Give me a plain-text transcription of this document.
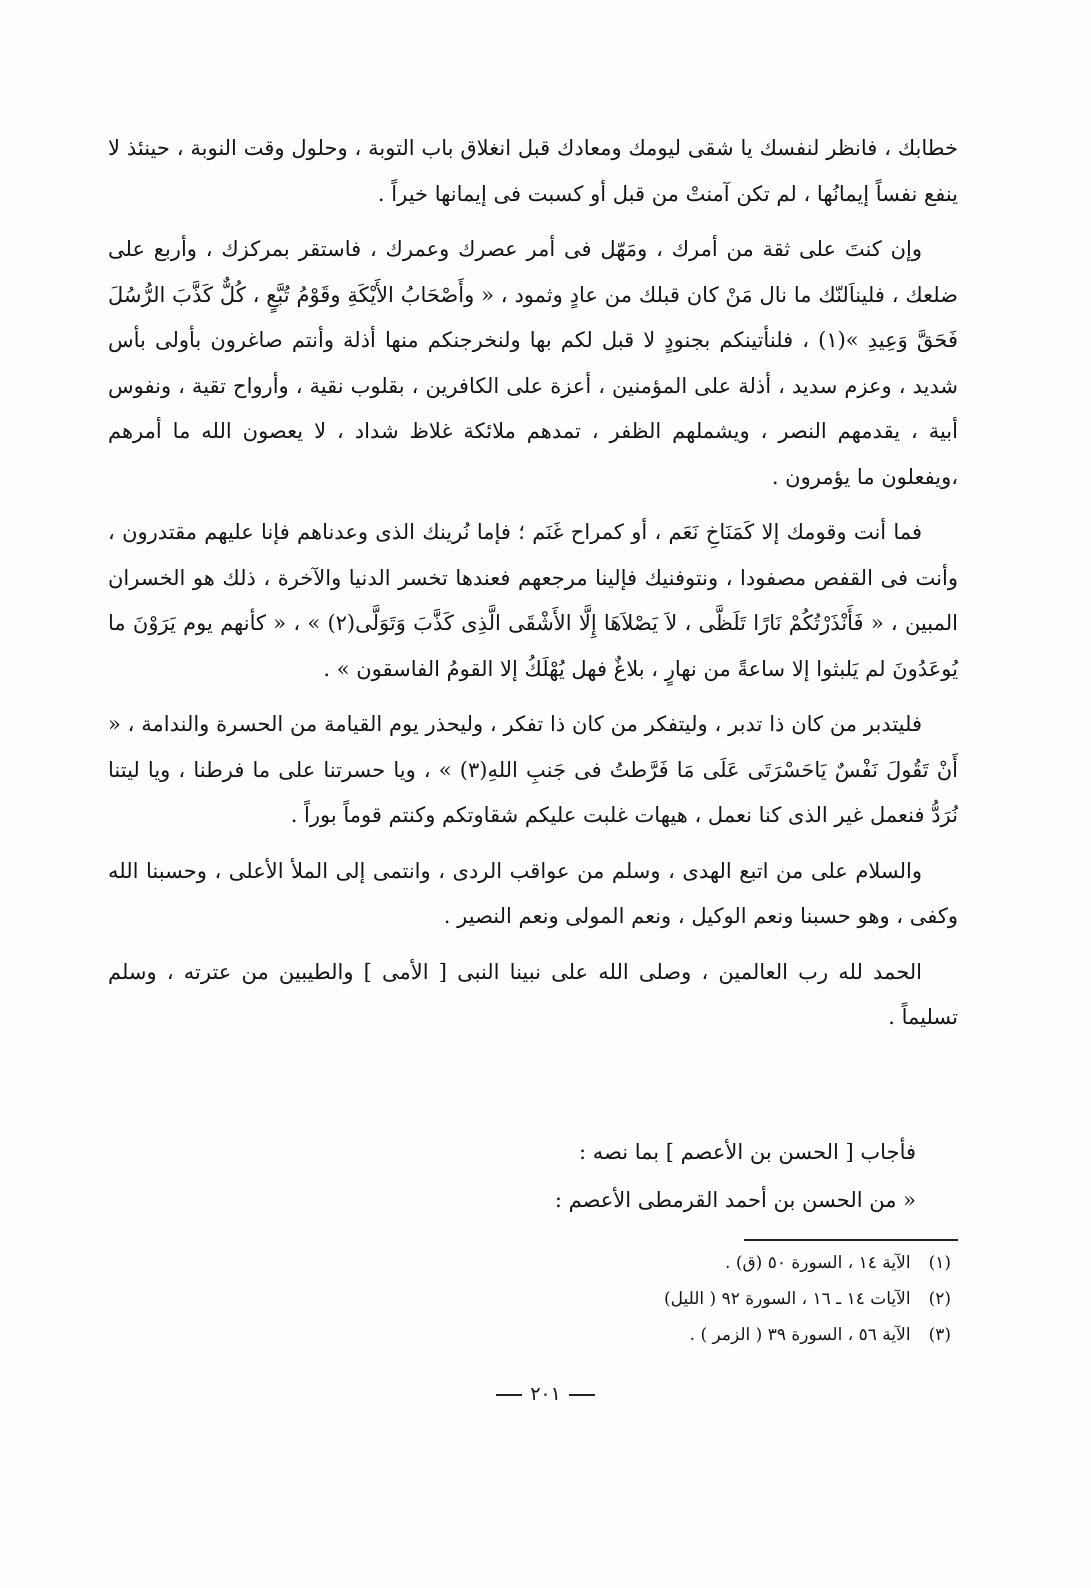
خطابك ، فانظر لنفسك يا شقى ليومك ومعادك قبل انغلاق باب التوبة ، وحلول وقت النوبة ، حينئذ لا ينفع نفساً إيمانُها ، لم تكن آمنتْ من قبل أو كسبت فى إيمانها خيراً .

وإن كنتَ على ثقة من أمرك ، ومَهّل فى أمر عصرك وعمرك ، فاستقر بمركزك ، وأربع على ضلعك ، فليناَلنّك ما نال مَنْ كان قبلك من عادٍ وثمود ، « وأَصْحَابُ الأَيْكَةِ وقَوْمُ تُبَّعٍ ، كُلٌّ كَذَّبَ الرُّسُلَ فَحَقَّ وَعِيدِ »(١) ، فلنأتينكم بجنودٍ لا قبل لكم بها ولنخرجنكم منها أذلة وأنتم صاغرون بأولى بأس شديد ، وعزم سديد ، أذلة على المؤمنين ، أعزة على الكافرين ، بقلوب نقية ، وأرواح تقية ، ونفوس أبية ، يقدمهم النصر ، ويشملهم الظفر ، تمدهم ملائكة غلاظ شداد ، لا يعصون الله ما أمرهم ،ويفعلون ما يؤمرون .

فما أنت وقومك إلا كَمَنَاخِ نَعَم ، أو كمراح غَنَم ؛ فإما نُرينك الذى وعدناهم فإنا عليهم مقتدرون ، وأنت فى القفص مصفودا ، ونتوفنيك فإلينا مرجعهم فعندها تخسر الدنيا والآخرة ، ذلك هو الخسران المبين ، « فَأَنْذَرْتُكُمْ نَارًا تَلَظَّى ، لاَ يَصْلاَهَا إِلَّا الأَشْقَى الَّذِى كَذَّبَ وَتَوَلَّى(٢) » ، « كأنهم يوم يَرَوْنَ ما يُوعَدُونَ لم يَلبثوا إلا ساعةً من نهارٍ ، بلاغٌ فهل يُهْلَكُ إلا القومُ الفاسقون » .

فليتدبر من كان ذا تدبر ، وليتفكر من كان ذا تفكر ، وليحذر يوم القيامة من الحسرة والندامة ، « أَنْ تَقُولَ نَفْسٌ يَاحَسْرَتَى عَلَى مَا فَرَّطتُ فى جَنبِ اللهِ(٣) » ، ويا حسرتنا على ما فرطنا ، ويا ليتنا نُرَدُّ فنعمل غير الذى كنا نعمل ، هيهات غلبت عليكم شقاوتكم وكنتم قوماً بوراً .

والسلام على من اتبع الهدى ، وسلم من عواقب الردى ، وانتمى إلى الملأ الأعلى ، وحسبنا الله وكفى ، وهو حسبنا ونعم الوكيل ، ونعم المولى ونعم النصير .

الحمد لله رب العالمين ، وصلى الله على نبينا النبى [ الأمى ] والطيبين من عترته ، وسلم تسليماً .

فأجاب [ الحسن بن الأعصم ] بما نصه :
« من الحسن بن أحمد القرمطى الأعصم :
(١)الآية ١٤ ، السورة ٥٠ (ق) .
(٢)الآيات ١٤ ـ ١٦ ، السورة ٩٢ ( الليل)
(٣)الآية ٥٦ ، السورة ٣٩ ( الزمر ) .
٢٠١
